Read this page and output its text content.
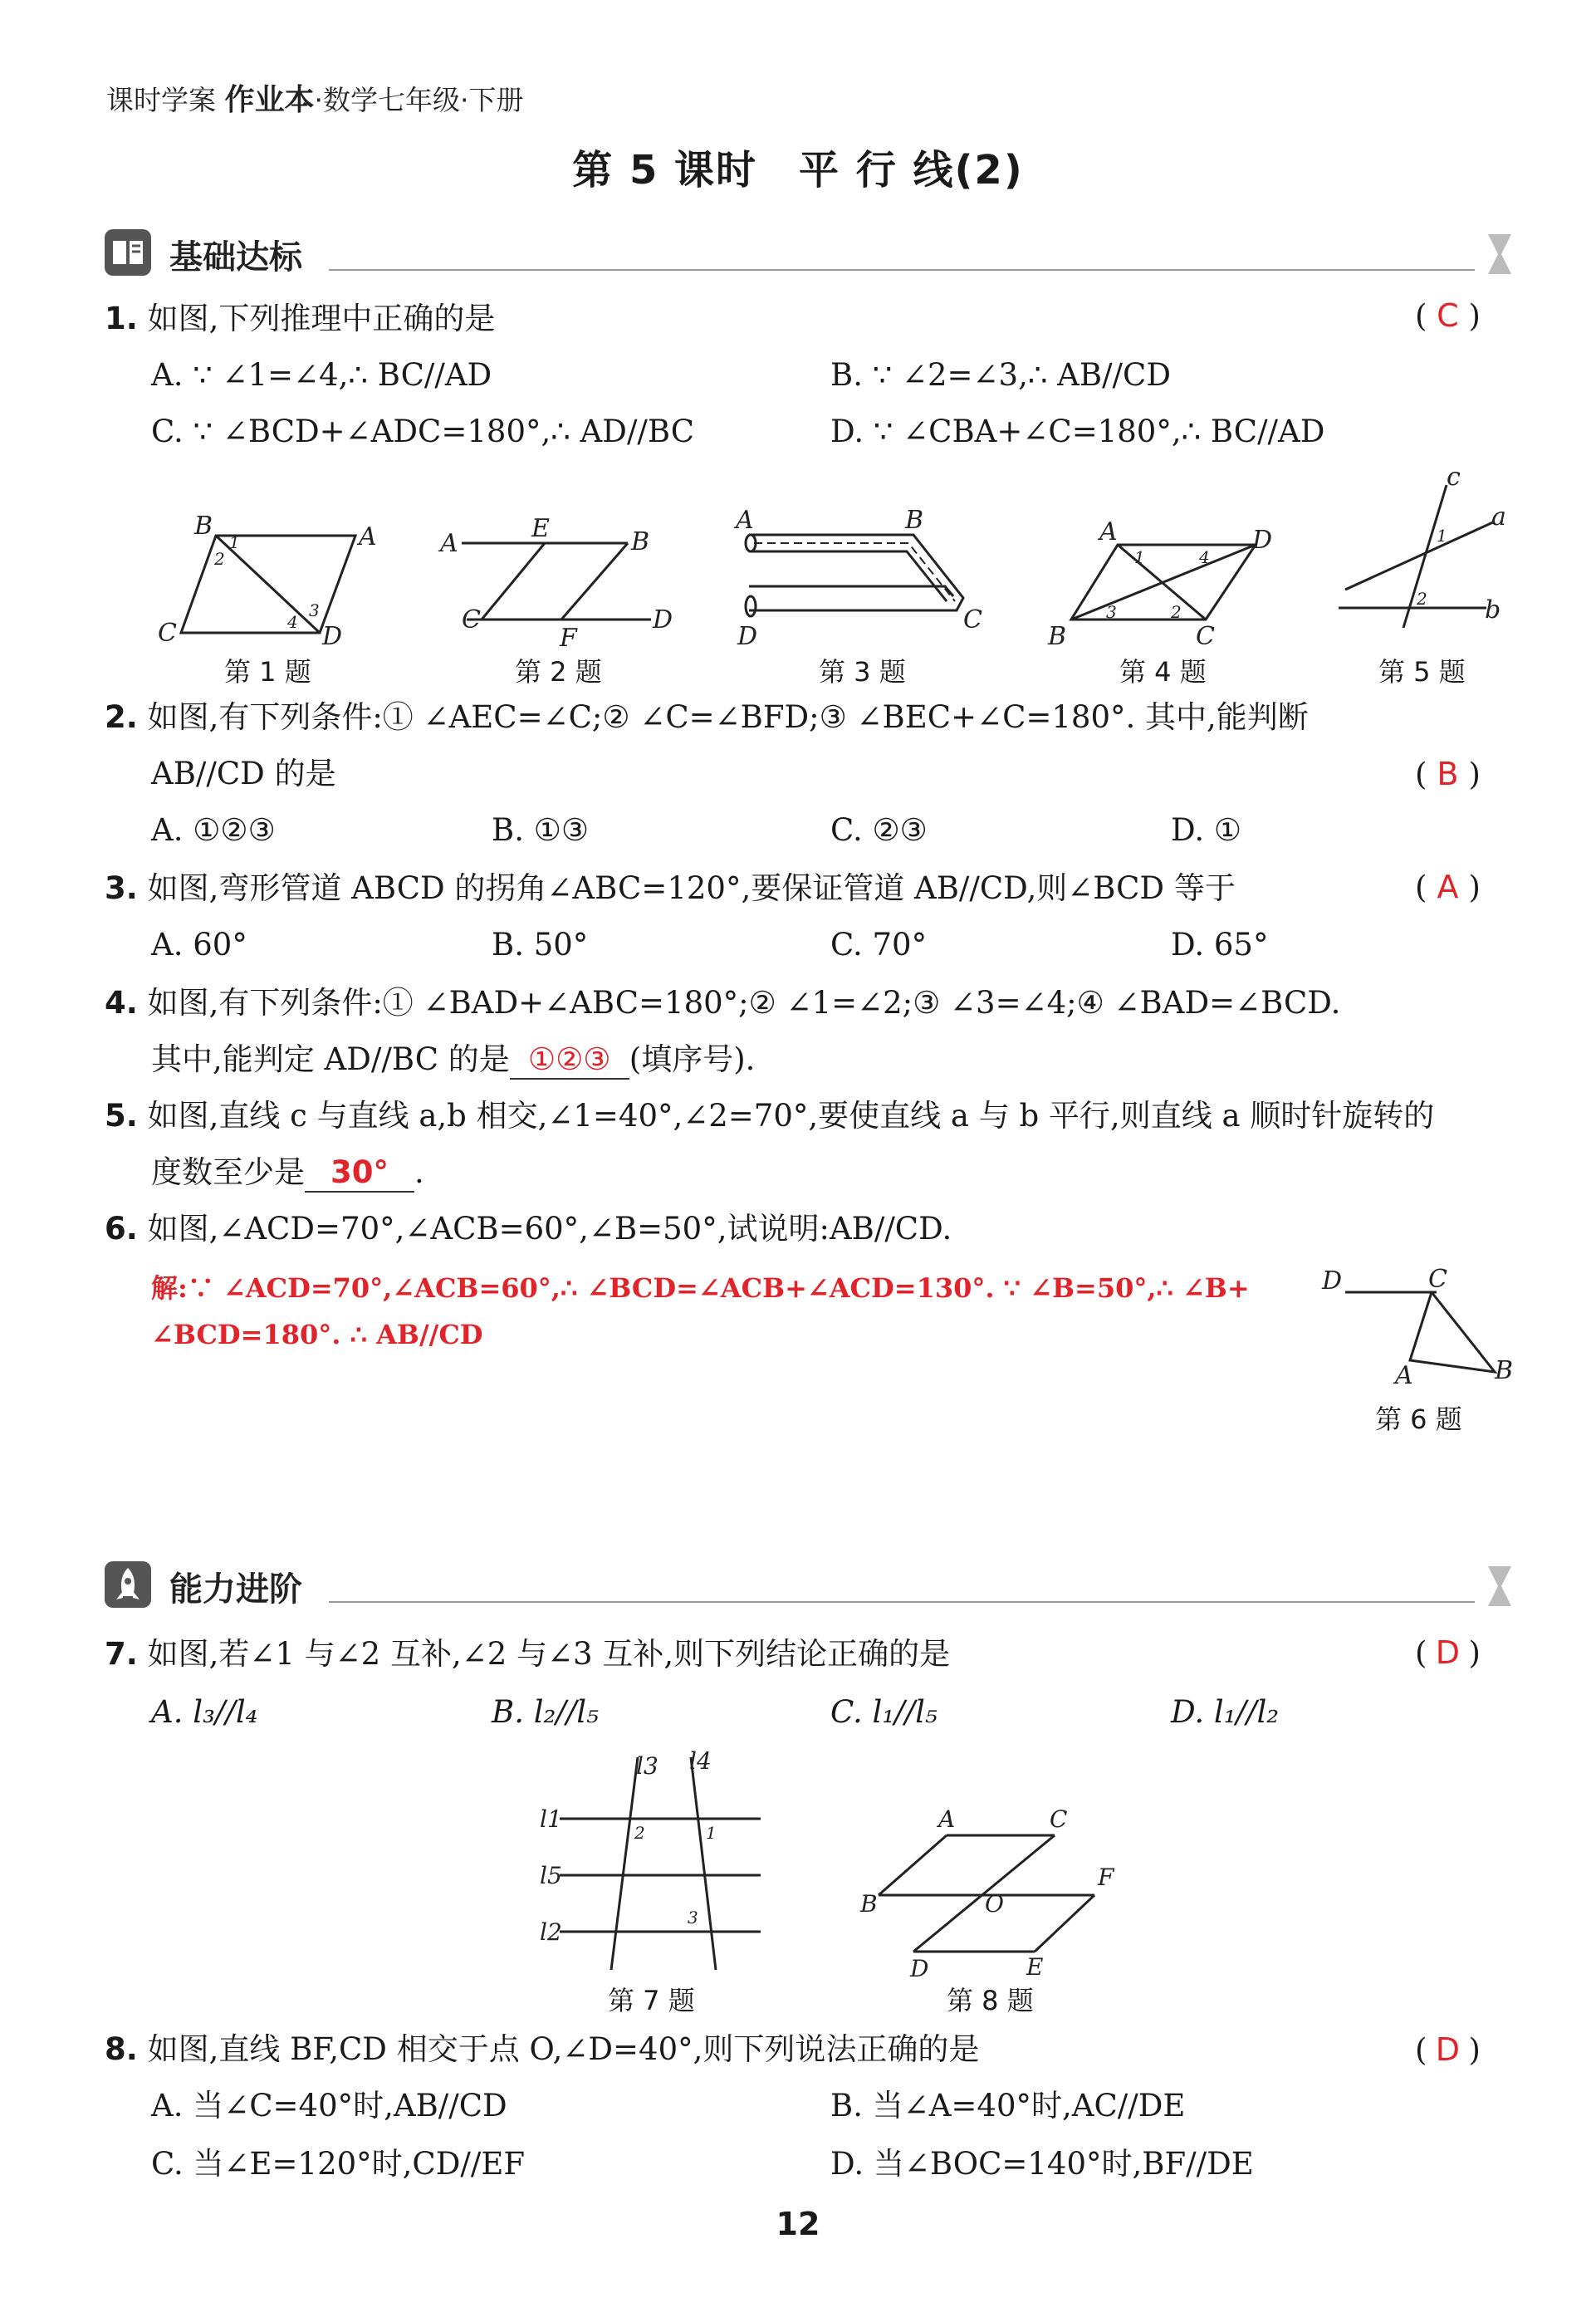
课时学案 作业本·数学七年级·下册
第 5 课时　平 行 线(2)
基础达标
1. 如图,下列推理中正确的是	( C )
A. ∵ ∠1=∠4,∴ BC//AD	B. ∵ ∠2=∠3,∴ AB//CD
C. ∵ ∠BCD+∠ADC=180°,∴ AD//BC	D. ∵ ∠CBA+∠C=180°,∴ BC//AD
B	A
C	D
1
2
3
4
A
E	B
C
F
D
A	B
D
C
A	D
B	C
1	4
3	2
c
a
b
1
2
D	C
A	B
l3 l4
l1
l5
l2
2	1
3
A	C
B	O
F
D	E
第 1 题	第 2 题	第 3 题	第 4 题	第 5 题
2. 如图,有下列条件:① ∠AEC=∠C;② ∠C=∠BFD;③ ∠BEC+∠C=180°. 其中,能判断
AB//CD 的是	( B )
A. ①②③	B. ①③	C. ②③	D. ①
3. 如图,弯形管道 ABCD 的拐角∠ABC=120°,要保证管道 AB//CD,则∠BCD 等于	( A )
A. 60°	B. 50°	C. 70°	D. 65°
4. 如图,有下列条件:① ∠BAD+∠ABC=180°;② ∠1=∠2;③ ∠3=∠4;④ ∠BAD=∠BCD.
其中,能判定 AD//BC 的是 ①②③ (填序号).
5. 如图,直线 c 与直线 a,b 相交,∠1=40°,∠2=70°,要使直线 a 与 b 平行,则直线 a 顺时针旋转的
度数至少是 30° .
6. 如图,∠ACD=70°,∠ACB=60°,∠B=50°,试说明:AB//CD.
解:∵ ∠ACD=70°,∠ACB=60°,∴ ∠BCD=∠ACB+∠ACD=130°. ∵ ∠B=50°,∴ ∠B+
∠BCD=180°. ∴ AB//CD
第 6 题
能力进阶
7. 如图,若∠1 与∠2 互补,∠2 与∠3 互补,则下列结论正确的是	( D )
A. l₃//l₄	B. l₂//l₅	C. l₁//l₅	D. l₁//l₂
第 7 题	第 8 题
8. 如图,直线 BF,CD 相交于点 O,∠D=40°,则下列说法正确的是	( D )
A. 当∠C=40°时,AB//CD	B. 当∠A=40°时,AC//DE
C. 当∠E=120°时,CD//EF	D. 当∠BOC=140°时,BF//DE
12
